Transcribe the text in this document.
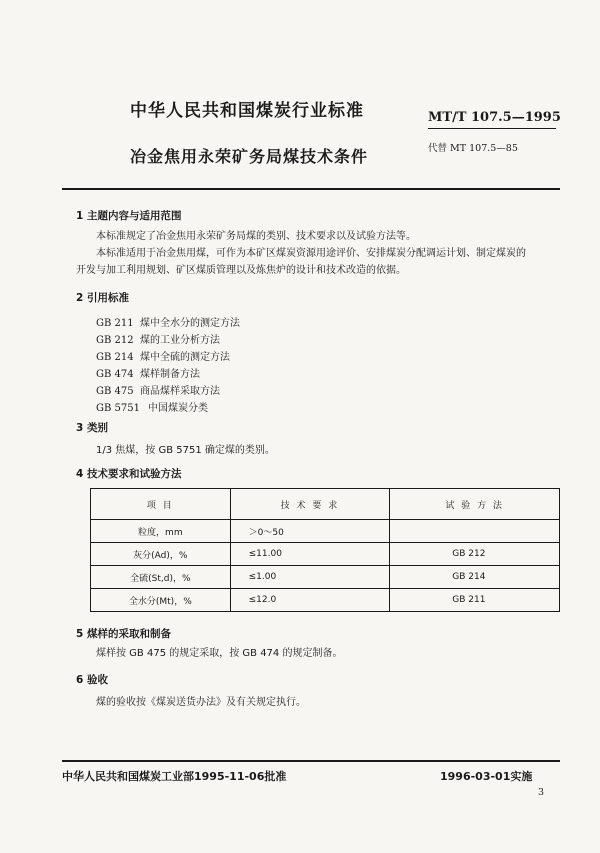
中华人民共和国煤炭行业标准	MT/T 107.5—1995
冶金焦用永荣矿务局煤技术条件	代替 MT 107.5—85
1 主题内容与适用范围
本标准规定了冶金焦用永荣矿务局煤的类别、技术要求以及试验方法等。
本标准适用于冶金焦用煤，可作为本矿区煤炭资源用途评价、安排煤炭分配调运计划、制定煤炭的
开发与加工利用规划、矿区煤质管理以及炼焦炉的设计和技术改造的依据。
2 引用标准
GB 211 煤中全水分的测定方法
GB 212 煤的工业分析方法
GB 214 煤中全硫的测定方法
GB 474 煤样制备方法
GB 475 商品煤样采取方法
GB 5751 中国煤炭分类
3 类别
1/3 焦煤，按 GB 5751 确定煤的类别。
4 技术要求和试验方法
项 目	技 术 要 求	试 验 方 法
粒度，mm	＞0～50	
灰分(Ad)，%	≤11.00	GB 212
全硫(St,d)，%	≤1.00	GB 214
全水分(Mt)，%	≤12.0	GB 211
5 煤样的采取和制备
煤样按 GB 475 的规定采取，按 GB 474 的规定制备。
6 验收
煤的验收按《煤炭送货办法》及有关规定执行。
中华人民共和国煤炭工业部1995-11-06批准	1996-03-01实施
3
